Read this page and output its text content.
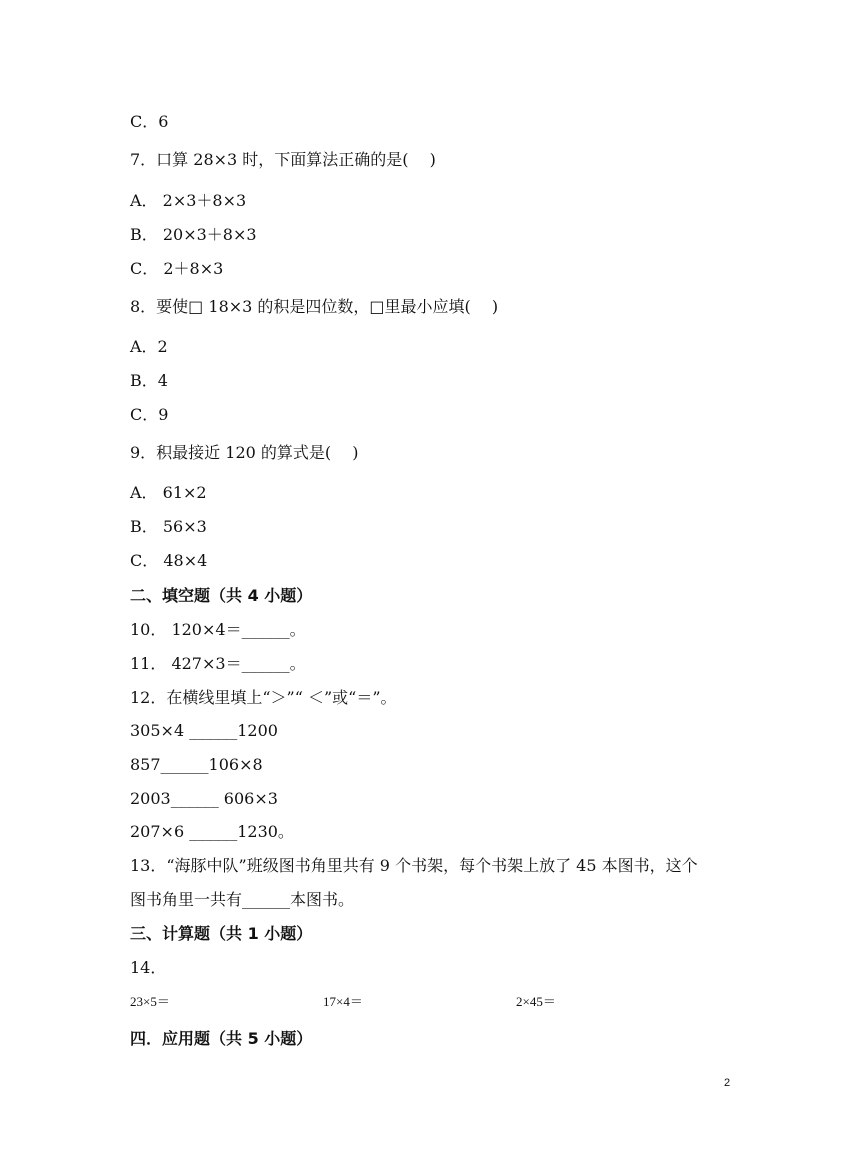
C．6
7．口算 28×3 时，下面算法正确的是(　 )
A． 2×3＋8×3
B． 20×3＋8×3
C． 2＋8×3
8．要使□ 18×3 的积是四位数，□里最小应填(　 )
A．2
B．4
C．9
9．积最接近 120 的算式是(　 )
A． 61×2
B． 56×3
C． 48×4
二、填空题（共 4 小题）
10． 120×4＝______。
11． 427×3＝______。
12．在横线里填上“＞”“ ＜”或“＝”。
305×4 ______1200
857______106×8
2003______ 606×3
207×6 ______1230。
13．“海豚中队”班级图书角里共有 9 个书架，每个书架上放了 45 本图书，这个
图书角里一共有______本图书。
三、计算题（共 1 小题）
14．
23×5＝	17×4＝	2×45＝
四．应用题（共 5 小题）
2
